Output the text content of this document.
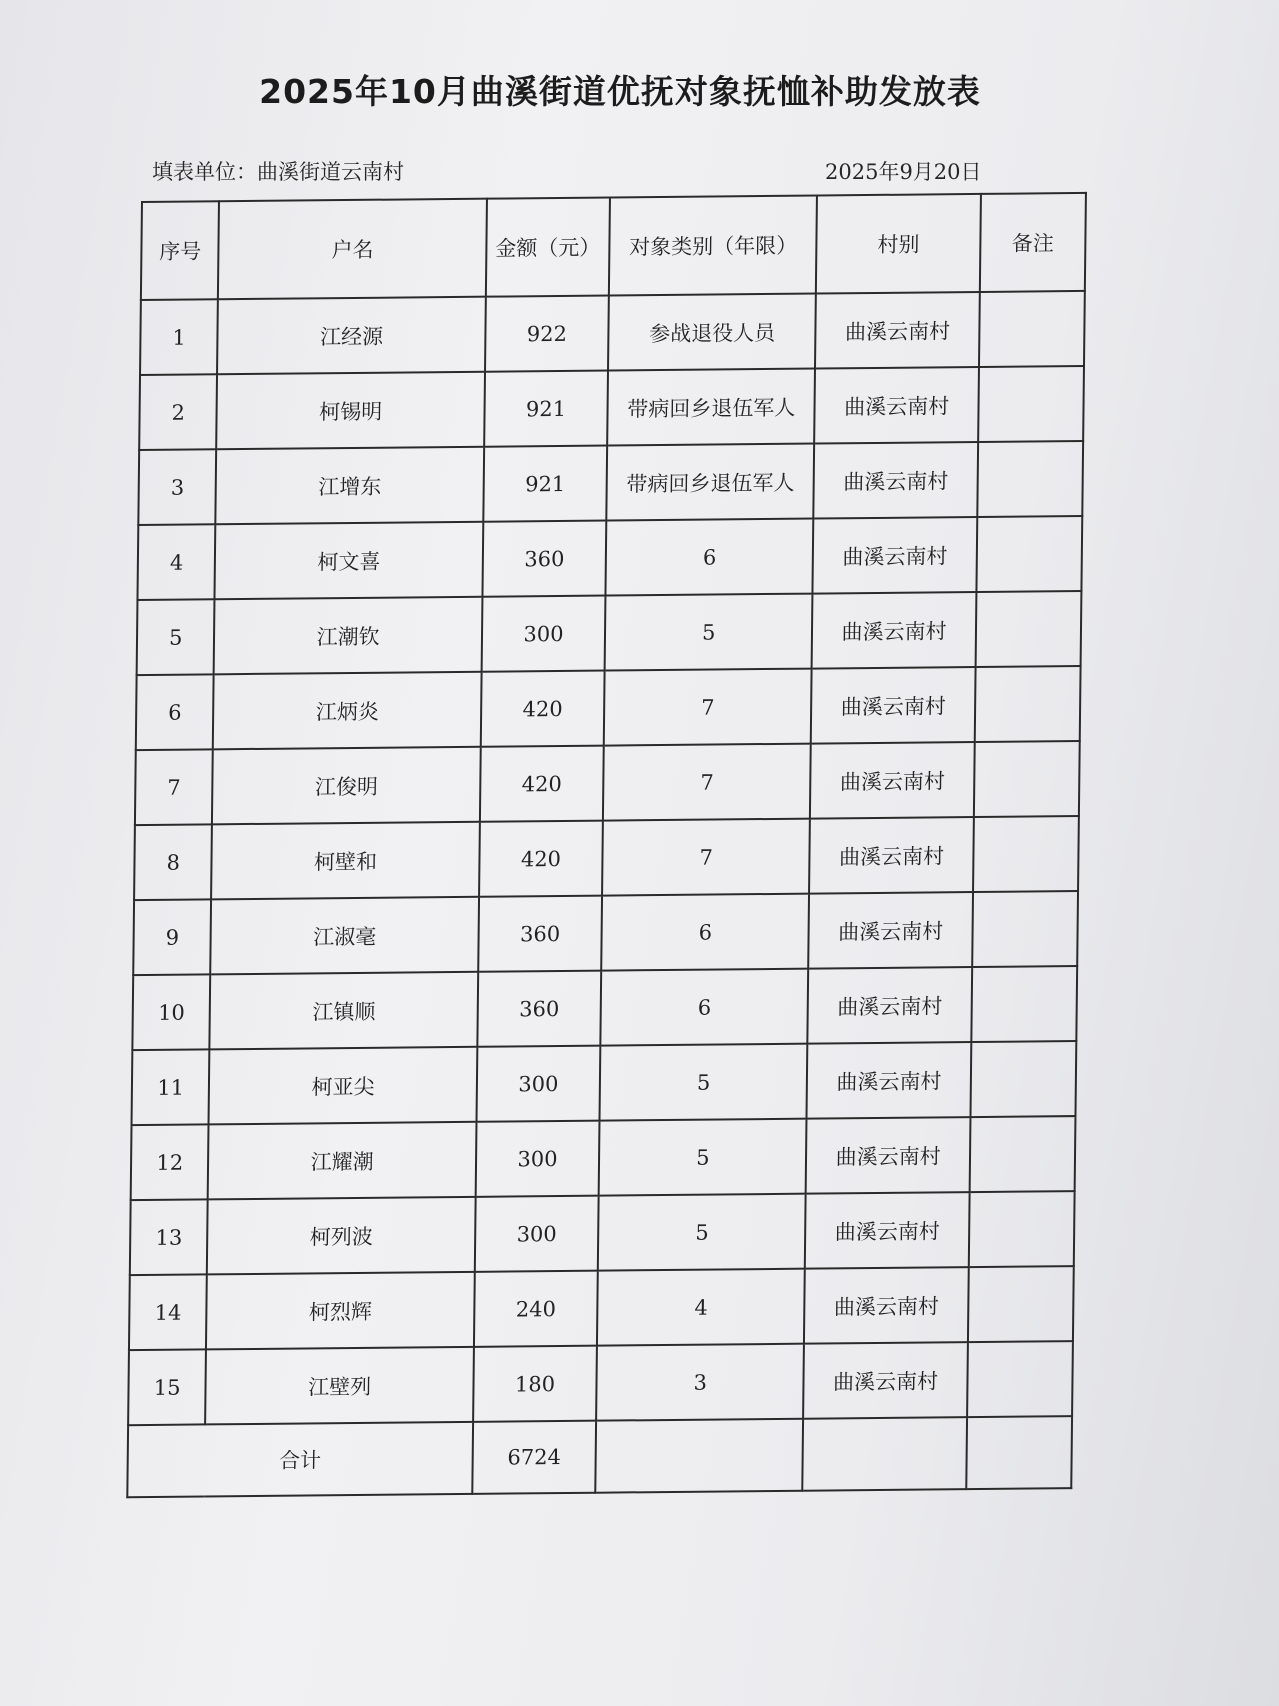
2025年10月曲溪街道优抚对象抚恤补助发放表
填表单位：曲溪街道云南村	2025年9月20日
序号	户名	金额（元）	对象类别（年限）	村别	备注
1	江经源	922	参战退役人员	曲溪云南村	
2	柯锡明	921	带病回乡退伍军人	曲溪云南村	
3	江增东	921	带病回乡退伍军人	曲溪云南村	
4	柯文喜	360	6	曲溪云南村	
5	江潮钦	300	5	曲溪云南村	
6	江炳炎	420	7	曲溪云南村	
7	江俊明	420	7	曲溪云南村	
8	柯壁和	420	7	曲溪云南村	
9	江淑毫	360	6	曲溪云南村	
10	江镇顺	360	6	曲溪云南村	
11	柯亚尖	300	5	曲溪云南村	
12	江耀潮	300	5	曲溪云南村	
13	柯列波	300	5	曲溪云南村	
14	柯烈辉	240	4	曲溪云南村	
15	江壁列	180	3	曲溪云南村	
合计		6724			
